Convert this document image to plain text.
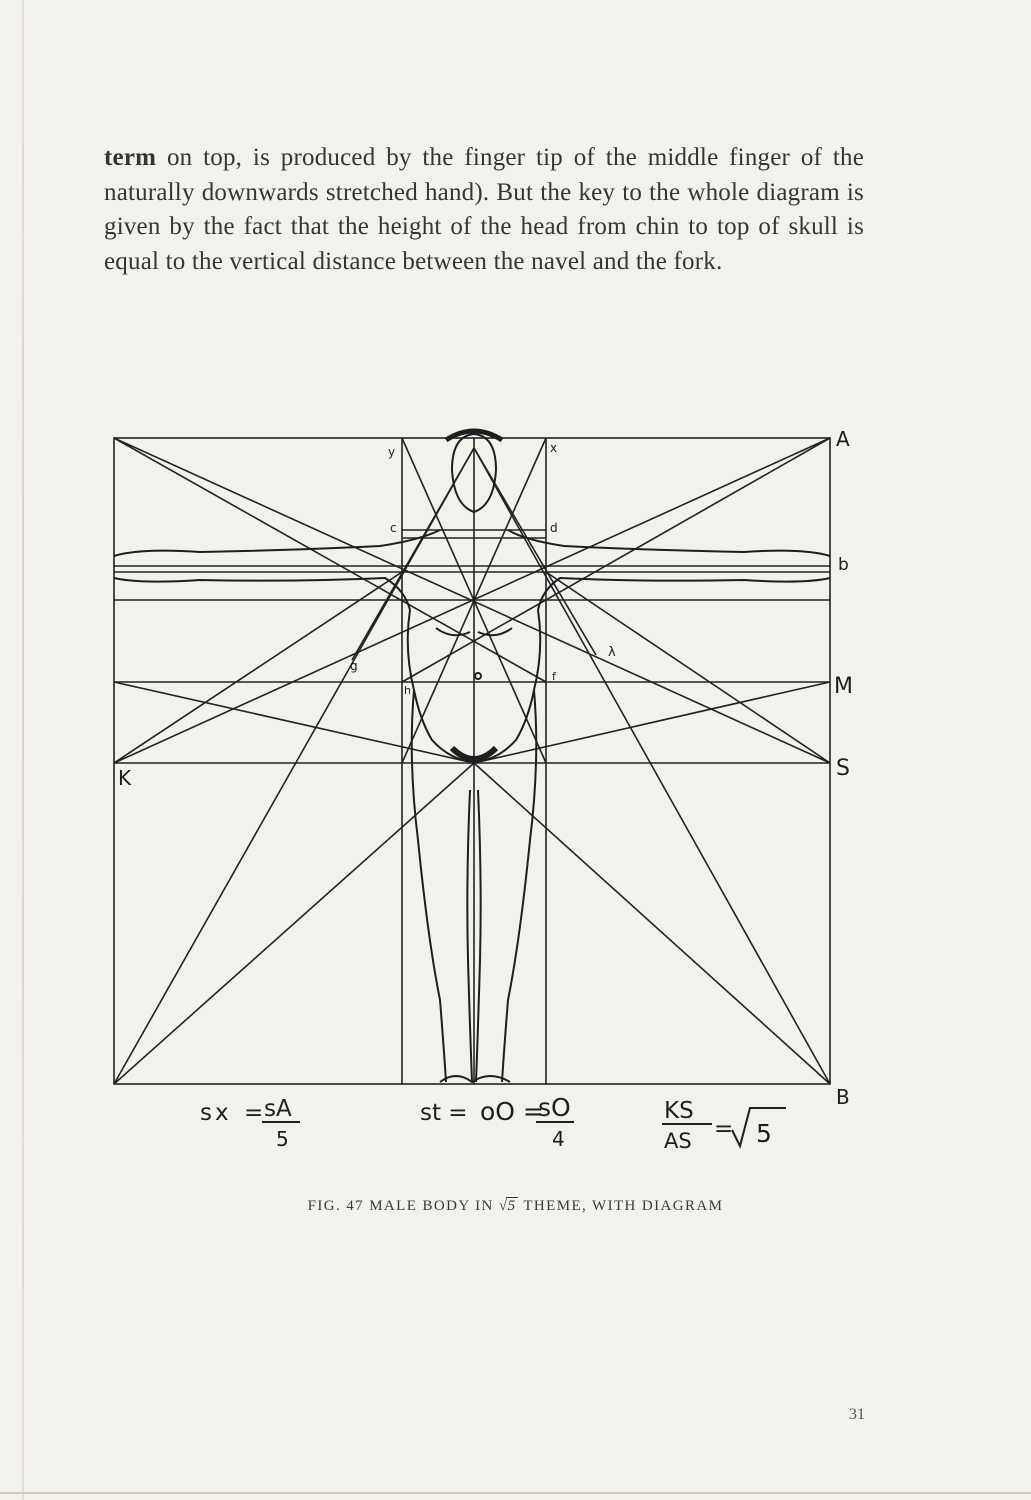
term on top, is produced by the finger tip of the middle finger of the naturally downwards stretched hand). But the key to the whole diagram is given by the fact that the height of the head from chin to top of skull is equal to the vertical distance between the navel and the fork.

A
b
M
S
B
K
y	x
c	d
λ
g
h
f
sx = sA
5
st = oO =
sO
4
KS
AS = 5
FIG. 47 MALE BODY IN √5 THEME, WITH DIAGRAM
31
